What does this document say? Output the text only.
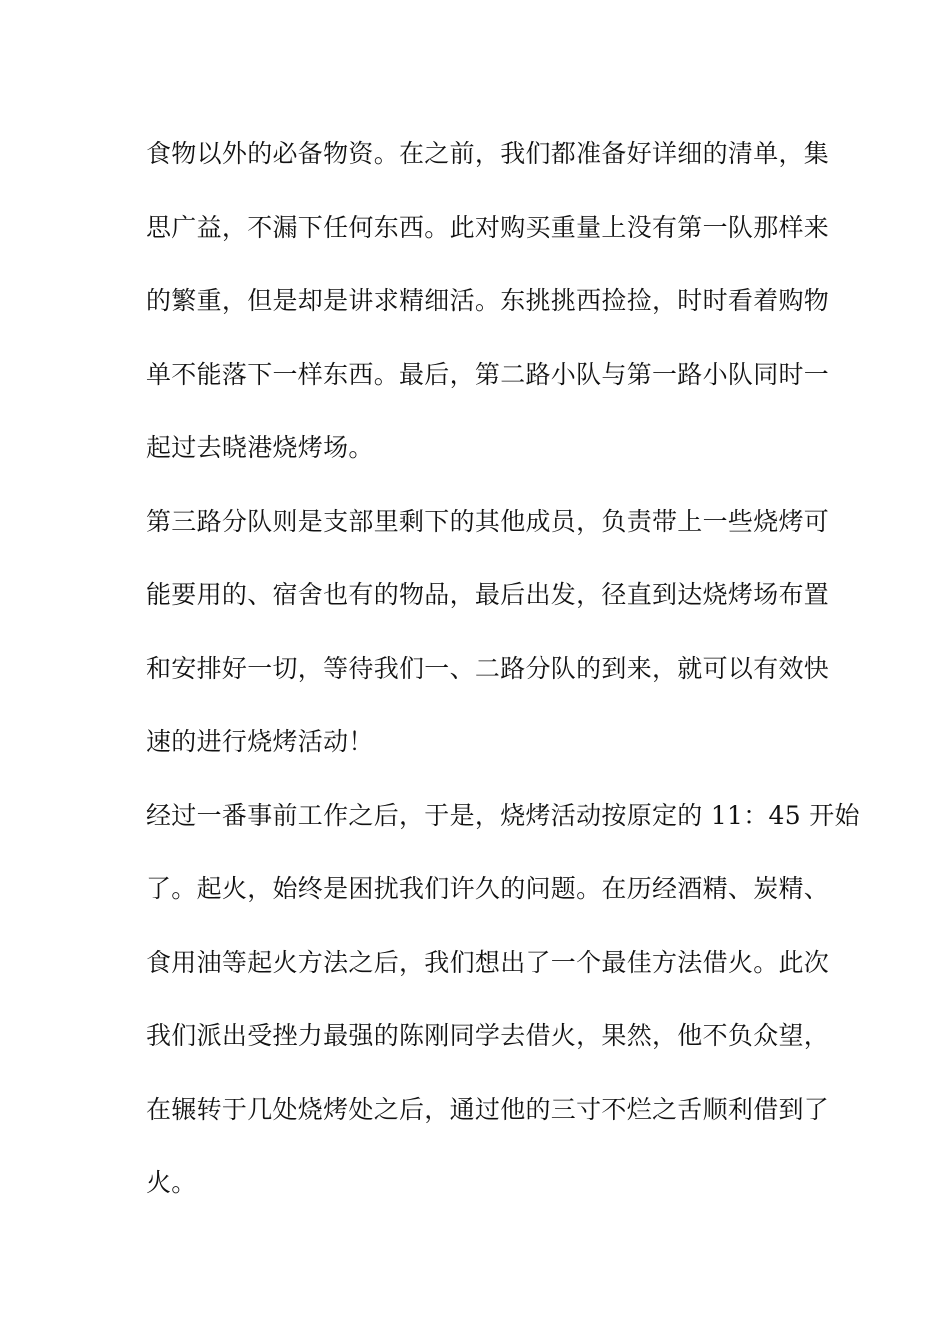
食物以外的必备物资。在之前，我们都准备好详细的清单，集
思广益，不漏下任何东西。此对购买重量上没有第一队那样来
的繁重，但是却是讲求精细活。东挑挑西捡捡，时时看着购物
单不能落下一样东西。最后，第二路小队与第一路小队同时一
起过去晓港烧烤场。
第三路分队则是支部里剩下的其他成员，负责带上一些烧烤可
能要用的、宿舍也有的物品，最后出发，径直到达烧烤场布置
和安排好一切，等待我们一、二路分队的到来，就可以有效快
速的进行烧烤活动！
经过一番事前工作之后，于是，烧烤活动按原定的 11：45 开始
了。起火，始终是困扰我们许久的问题。在历经酒精、炭精、
食用油等起火方法之后，我们想出了一个最佳方法借火。此次
我们派出受挫力最强的陈刚同学去借火，果然，他不负众望，
在辗转于几处烧烤处之后，通过他的三寸不烂之舌顺利借到了
火。
